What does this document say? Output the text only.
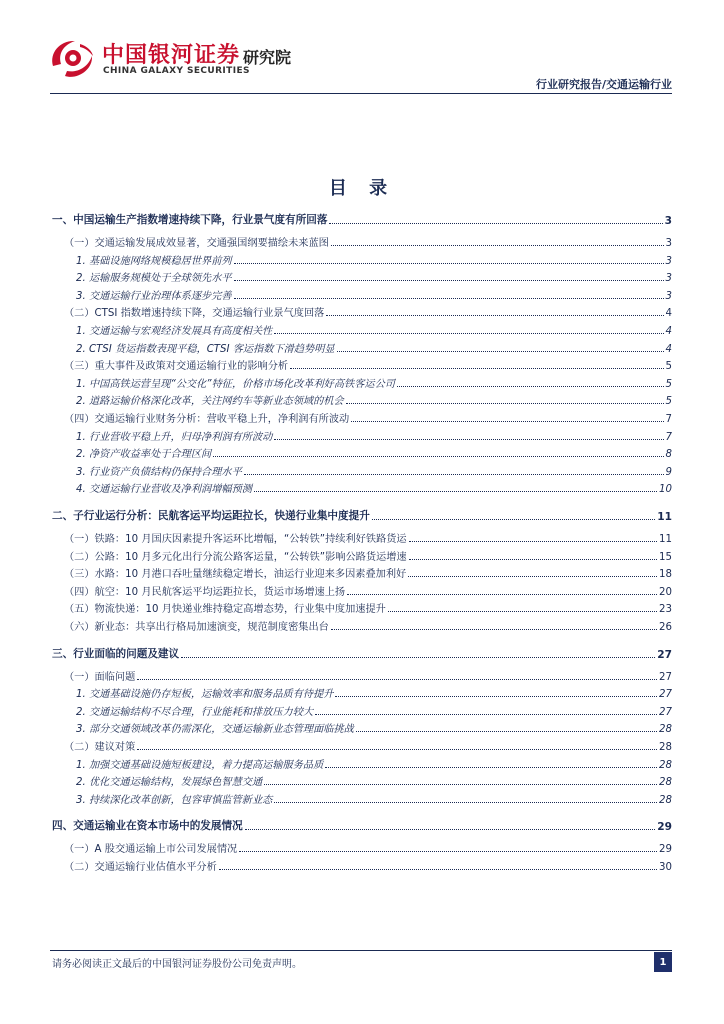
中国银河证券 研究院
CHINA GALAXY SECURITIES
行业研究报告/交通运输行业
目 录
一、中国运输生产指数增速持续下降，行业景气度有所回落	3
（一）交通运输发展成效显著，交通强国纲要描绘未来蓝图	3
1. 基础设施网络规模稳居世界前列	3
2. 运输服务规模处于全球领先水平	3
3. 交通运输行业治理体系逐步完善	3
（二）CTSI 指数增速持续下降，交通运输行业景气度回落	4
1. 交通运输与宏观经济发展具有高度相关性	4
2. CTSI 货运指数表现平稳，CTSI 客运指数下滑趋势明显	4
（三）重大事件及政策对交通运输行业的影响分析	5
1. 中国高铁运营呈现“公交化”特征，价格市场化改革利好高铁客运公司	5
2. 道路运输价格深化改革，关注网约车等新业态领域的机会	5
（四）交通运输行业财务分析：营收平稳上升，净利润有所波动	7
1. 行业营收平稳上升，归母净利润有所波动	7
2. 净资产收益率处于合理区间	8
3. 行业资产负债结构仍保持合理水平	9
4. 交通运输行业营收及净利润增幅预测	10
二、子行业运行分析：民航客运平均运距拉长，快递行业集中度提升	11
（一）铁路：10 月国庆因素提升客运环比增幅，“公转铁”持续利好铁路货运	11
（二）公路：10 月多元化出行分流公路客运量，“公转铁”影响公路货运增速	15
（三）水路：10 月港口吞吐量继续稳定增长，油运行业迎来多因素叠加利好	18
（四）航空：10 月民航客运平均运距拉长，货运市场增速上扬	20
（五）物流快递：10 月快递业维持稳定高增态势，行业集中度加速提升	23
（六）新业态：共享出行格局加速演变，规范制度密集出台	26
三、行业面临的问题及建议	27
（一）面临问题	27
1. 交通基础设施仍存短板，运输效率和服务品质有待提升	27
2. 交通运输结构不尽合理，行业能耗和排放压力较大	27
3. 部分交通领域改革仍需深化，交通运输新业态管理面临挑战	28
（二）建议对策	28
1. 加强交通基础设施短板建设，着力提高运输服务品质	28
2. 优化交通运输结构，发展绿色智慧交通	28
3. 持续深化改革创新，包容审慎监管新业态	28
四、交通运输业在资本市场中的发展情况	29
（一）A 股交通运输上市公司发展情况	29
（二）交通运输行业估值水平分析	30
请务必阅读正文最后的中国银河证券股份公司免责声明。	1
